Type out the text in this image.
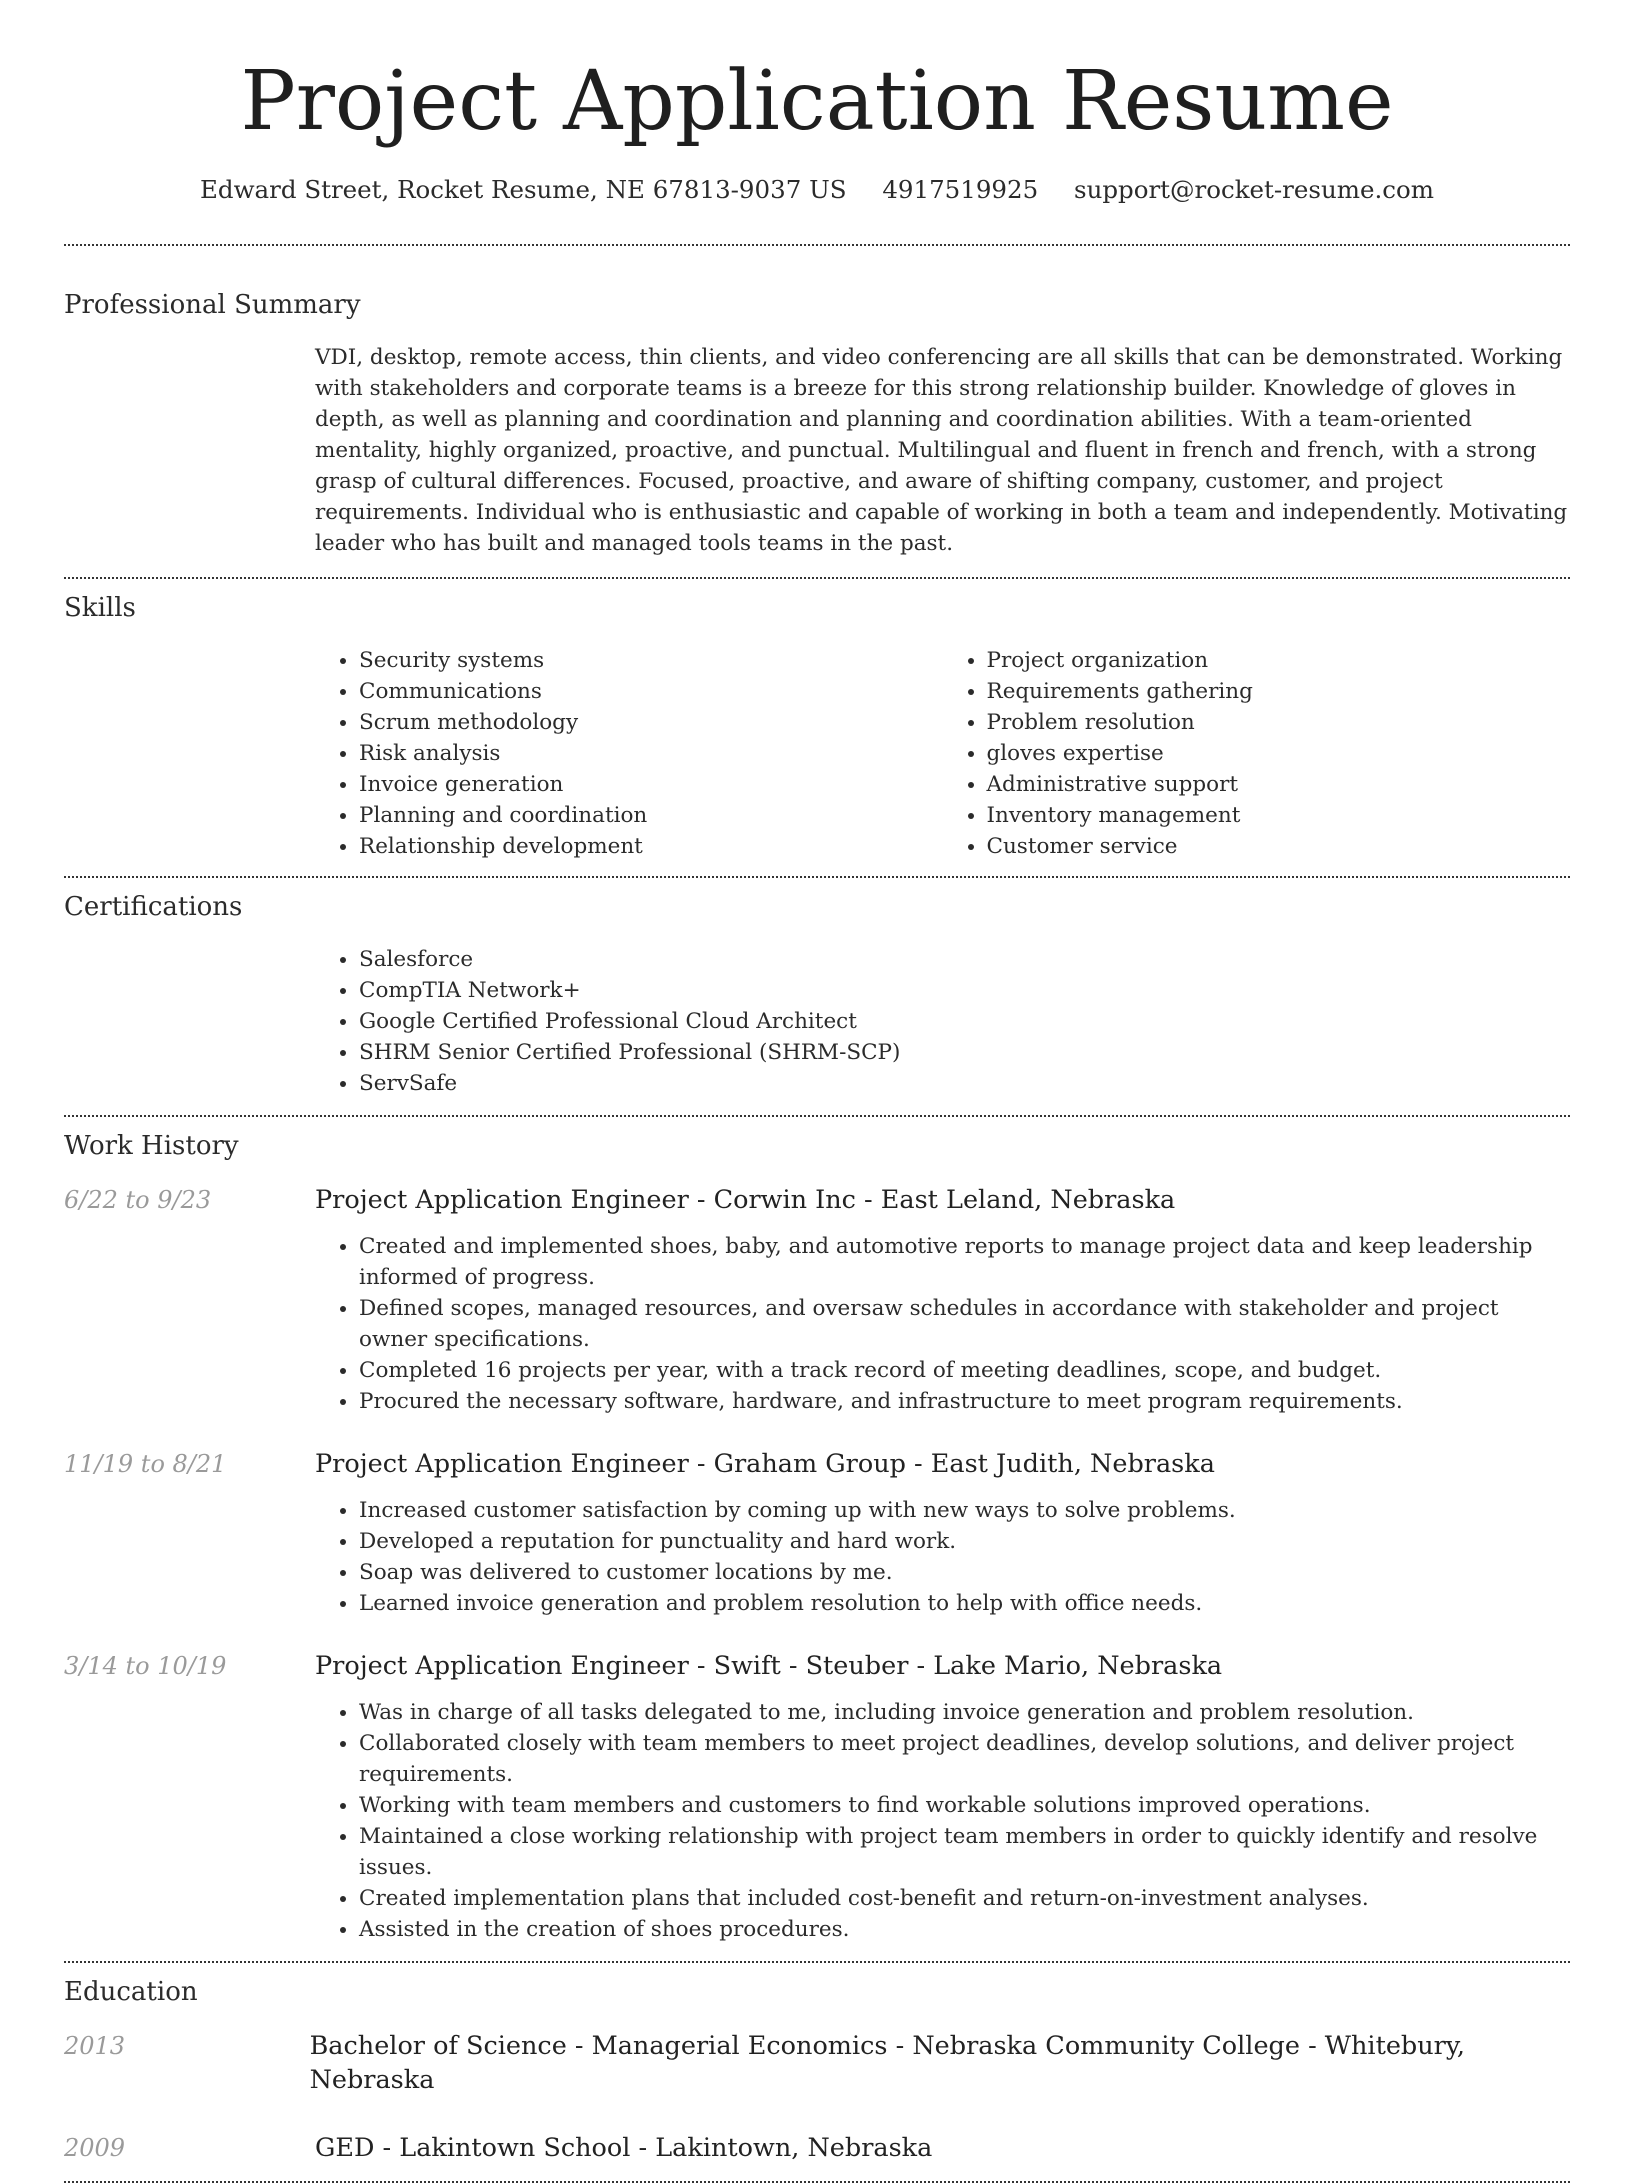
Project Application Resume
Edward Street, Rocket Resume, NE 67813-9037 US 4917519925 support@rocket-resume.com
Professional Summary

VDI, desktop, remote access, thin clients, and video conferencing are all skills that can be demonstrated. Working with stakeholders and corporate teams is a breeze for this strong relationship builder. Knowledge of gloves in depth, as well as planning and coordination and planning and coordination abilities. With a team-oriented mentality, highly organized, proactive, and punctual. Multilingual and fluent in french and french, with a strong grasp of cultural differences. Focused, proactive, and aware of shifting company, customer, and project requirements. Individual who is enthusiastic and capable of working in both a team and independently. Motivating leader who has built and managed tools teams in the past.

Skills
• Security systems
• Communications
• Scrum methodology
• Risk analysis
• Invoice generation
• Planning and coordination
• Relationship development
• Project organization
• Requirements gathering
• Problem resolution
• gloves expertise
• Administrative support
• Inventory management
• Customer service
Certifications
• Salesforce
• CompTIA Network+
• Google Certified Professional Cloud Architect
• SHRM Senior Certified Professional (SHRM-SCP)
• ServSafe
Work History
6/22 to 9/23	Project Application Engineer - Corwin Inc - East Leland, Nebraska
• Created and implemented shoes, baby, and automotive reports to manage project data and keep leadership informed of progress.
• Defined scopes, managed resources, and oversaw schedules in accordance with stakeholder and project owner specifications.
• Completed 16 projects per year, with a track record of meeting deadlines, scope, and budget.
• Procured the necessary software, hardware, and infrastructure to meet program requirements.
11/19 to 8/21	Project Application Engineer - Graham Group - East Judith, Nebraska
• Increased customer satisfaction by coming up with new ways to solve problems.
• Developed a reputation for punctuality and hard work.
• Soap was delivered to customer locations by me.
• Learned invoice generation and problem resolution to help with office needs.
3/14 to 10/19	Project Application Engineer - Swift - Steuber - Lake Mario, Nebraska
• Was in charge of all tasks delegated to me, including invoice generation and problem resolution.
• Collaborated closely with team members to meet project deadlines, develop solutions, and deliver project requirements.
• Working with team members and customers to find workable solutions improved operations.
• Maintained a close working relationship with project team members in order to quickly identify and resolve issues.
• Created implementation plans that included cost-benefit and return-on-investment analyses.
• Assisted in the creation of shoes procedures.
Education
2013	Bachelor of Science - Managerial Economics - Nebraska Community College - Whitebury, Nebraska
2009	GED - Lakintown School - Lakintown, Nebraska
